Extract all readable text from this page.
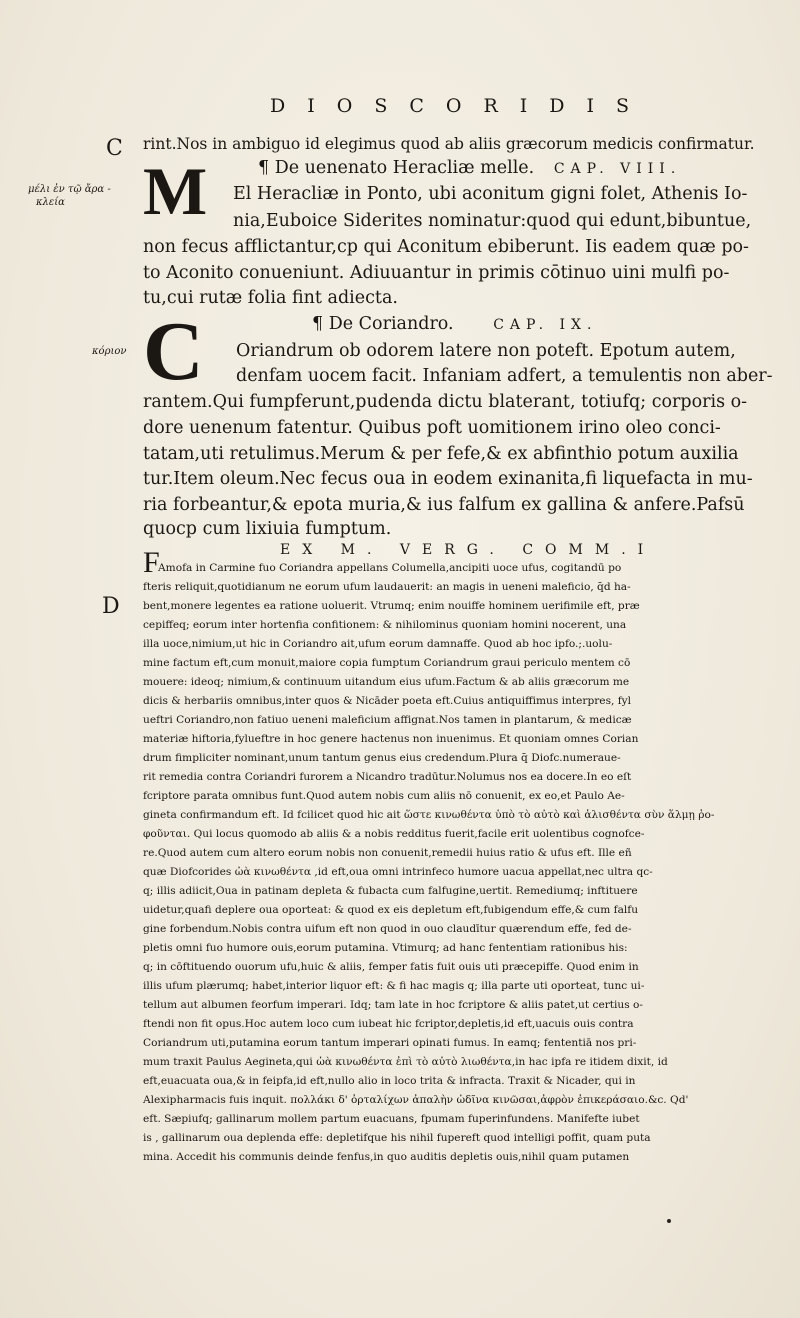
DIOSCORIDIS
C
μέλι ἐν τῷ ἄρα -
κλεία
κόριον
D
rint.Nos in ambiguo id elegimus quod ab aliis græcorum medicis confirmatur.
¶ De uenenato Heracliæ melle. CAP. VIII.
M El Heracliæ in Ponto, ubi aconitum gigni folet, Athenis Io-
nia,Euboice Siderites nominatur:quod qui edunt,bibuntue,
non fecus afflictantur,cp qui Aconitum ebiberunt. Iis eadem quæ po-
to Aconito conueniunt. Adiuuantur in primis cōtinuo uini mulfi po-
tu,cui rutæ folia fint adiecta.
¶ De Coriandro.	CAP. IX.
C Oriandrum ob odorem latere non poteft. Epotum autem,
denfam uocem facit. Infaniam adfert, a temulentis non aber-
rantem.Qui fumpferunt,pudenda dictu blaterant, totiufq; corporis o-
dore uenenum fatentur. Quibus poft uomitionem irino oleo conci-
tatam,uti retulimus.Merum & per fefe,& ex abfinthio potum auxilia
tur.Item oleum.Nec fecus oua in eodem exinanita,fi liquefacta in mu-
ria forbeantur,& epota muria,& ius falfum ex gallina & anfere.Pafsū
quocp cum lixiuia fumptum.
EX M. VERG. COMM.I
F
Amofa in Carmine fuo Coriandra appellans Columella,ancipiti uoce ufus, cogitandū po
fteris reliquit,quotidianum ne eorum ufum laudauerit: an magis in ueneni maleficio, q̄d ha-
bent,monere legentes ea ratione uoluerit. Vtrumq; enim nouiffe hominem uerifimile eft, præ
cepiffeq; eorum inter hortenfia confitionem: & nihilominus quoniam homini nocerent, una
illa uoce,nimium,ut hic in Coriandro ait,ufum eorum damnaffe. Quod ab hoc ipfo.;.uolu-
mine factum eft,cum monuit,maiore copia fumptum Coriandrum graui periculo mentem cō
mouere: ideoq; nimium,& continuum uitandum eius ufum.Factum & ab aliis græcorum me
dicis & herbariis omnibus,inter quos & Nicāder poeta eft.Cuius antiquiffimus interpres, fyl
ueftri Coriandro,non fatiuo ueneni maleficium affignat.Nos tamen in plantarum, & medicæ
materiæ hiftoria,fylueftre in hoc genere hactenus non inuenimus. Et quoniam omnes Corian
drum fimpliciter nominant,unum tantum genus eius credendum.Plura q̄ Diofc.numeraue-
rit remedia contra Coriandri furorem a Nicandro tradūtur.Nolumus nos ea docere.In eo eſt
fcriptore parata omnibus funt.Quod autem nobis cum aliis nō conuenit, ex eo,et Paulo Ae-
gineta confirmandum eft. Id fcilicet quod hic ait ὥστε κινωθέντα ὑπὸ τὸ αὐτὸ καὶ ἁλισθέντα σὺν ἅλμῃ ῥο-
φοῦνται. Qui locus quomodo ab aliis & a nobis redditus fuerit,facile erit uolentibus cognofce-
re.Quod autem cum altero eorum nobis non conuenit,remedii huius ratio & ufus eft. Ille eñ
quæ Diofcorides ὠὰ κινωθέντα ,id eft,oua omni intrinfeco humore uacua appellat,nec ultra qc-
q; illis adiicit,Oua in patinam depleta & fubacta cum falfugine,uertit. Remediumq; inftituere
uidetur,quafi deplere oua oporteat: & quod ex eis depletum eft,fubigendum effe,& cum falfu
gine forbendum.Nobis contra uifum eft non quod in ouo claudītur quærendum effe, fed de-
pletis omni fuo humore ouis,eorum putamina. Vtimurq; ad hanc fententiam rationibus his:
q; in cōftituendo ouorum ufu,huic & aliis, femper fatis fuit ouis uti præcepiffe. Quod enim in
illis ufum plærumq; habet,interior liquor eft: & fi hac magis q; illa parte uti oporteat, tunc ui-
tellum aut albumen feorfum imperari. Idq; tam late in hoc fcriptore & aliis patet,ut certius o-
ftendi non fit opus.Hoc autem loco cum iubeat hic fcriptor,depletis,id eft,uacuis ouis contra
Coriandrum uti,putamina eorum tantum imperari opinati fumus. In eamq; fententiā nos pri-
mum traxit Paulus Aegineta,qui ὠὰ κινωθέντα ἐπὶ τὸ αὐτὸ λιωθέντα,in hac ipfa re itidem dixit, id
eft,euacuata oua,& in feipfa,id eft,nullo alio in loco trita & infracta. Traxit & Nicader, qui in
Alexipharmacis fuis inquit. πολλάκι δ' ὀρταλίχων ἀπαλὴν ὠδῖνα κινῶσαι,ἀφρὸν ἐπικεράσαιο.&c. Qd'
eft. Sæpiufq; gallinarum mollem partum euacuans, fpumam fuperinfundens. Manifefte iubet
is , gallinarum oua deplenda effe: depletifque his nihil fupereft quod intelligi poffit, quam puta
mina. Accedit his communis deinde fenfus,in quo auditis depletis ouis,nihil quam putamen
